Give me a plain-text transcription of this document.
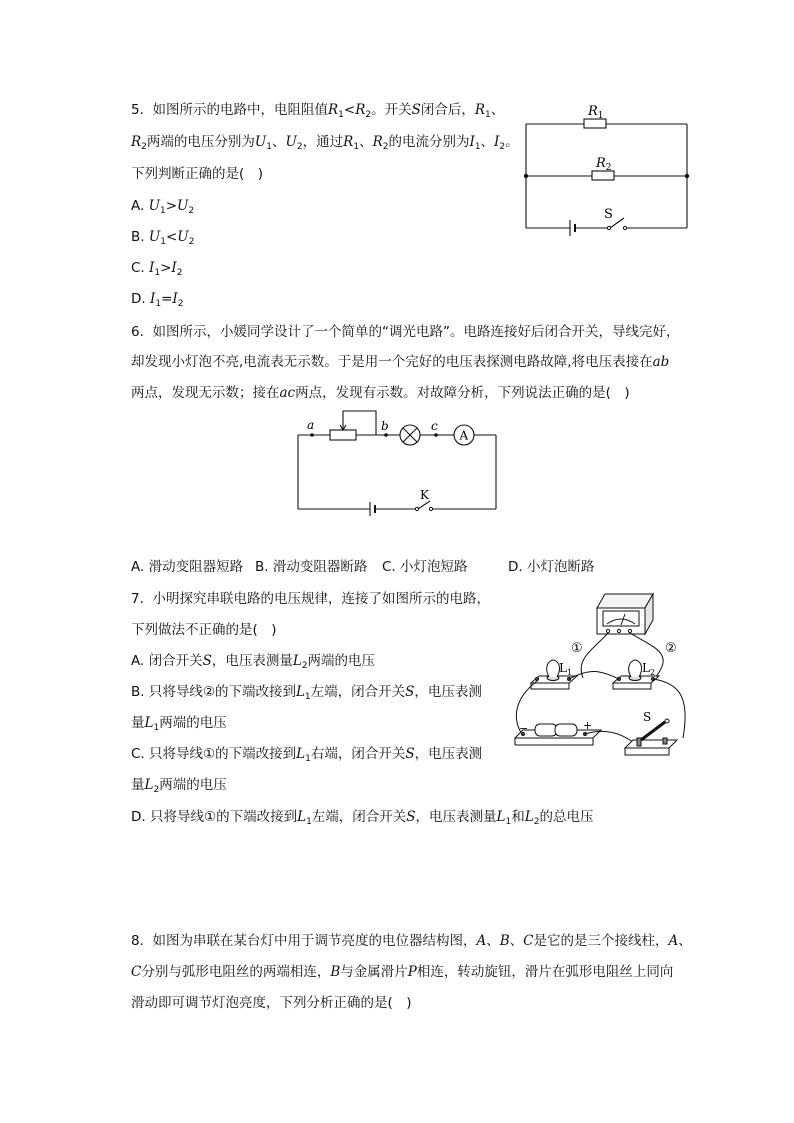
5. 如图所示的电路中，电阻阻值$R_1<R_2$。开关S闭合后，$R_1$、
$R_2$两端的电压分别为$U_1$、$U_2$，通过$R_1$、$R_2$的电流分别为$I_1$、$I_2$。
下列判断正确的是(　)
A. $U_1>U_2$
B. $U_1<U_2$
C. $I_1>I_2$
D. $I_1=I_2$
$R_1$
$R_2$
S
6. 如图所示，小媛同学设计了一个简单的“调光电路”。电路连接好后闭合开关，导线完好，
却发现小灯泡不亮,电流表无示数。于是用一个完好的电压表探测电路故障,将电压表接在ab
两点，发现无示数；接在ac两点，发现有示数。对故障分析，下列说法正确的是(　)
a	b	c
A
K
A. 滑动变阻器短路 B. 滑动变阻器断路 C. 小灯泡短路	D. 小灯泡断路
7. 小明探究串联电路的电压规律，连接了如图所示的电路，
下列做法不正确的是(　)
A. 闭合开关S，电压表测量$L_2$两端的电压
B. 只将导线②的下端改接到$L_1$左端，闭合开关S，电压表测
量$L_1$两端的电压
C. 只将导线①的下端改接到$L_1$右端，闭合开关S，电压表测
量$L_2$两端的电压
D. 只将导线①的下端改接到$L_1$左端，闭合开关S，电压表测量$L_1$和$L_2$的总电压
①	②
$L_1$	$L_2$
S
−	+
8. 如图为串联在某台灯中用于调节亮度的电位器结构图，A、B、C是它的是三个接线柱，A、
C分别与弧形电阻丝的两端相连，B与金属滑片P相连，转动旋钮，滑片在弧形电阻丝上同向
滑动即可调节灯泡亮度，下列分析正确的是(　)
